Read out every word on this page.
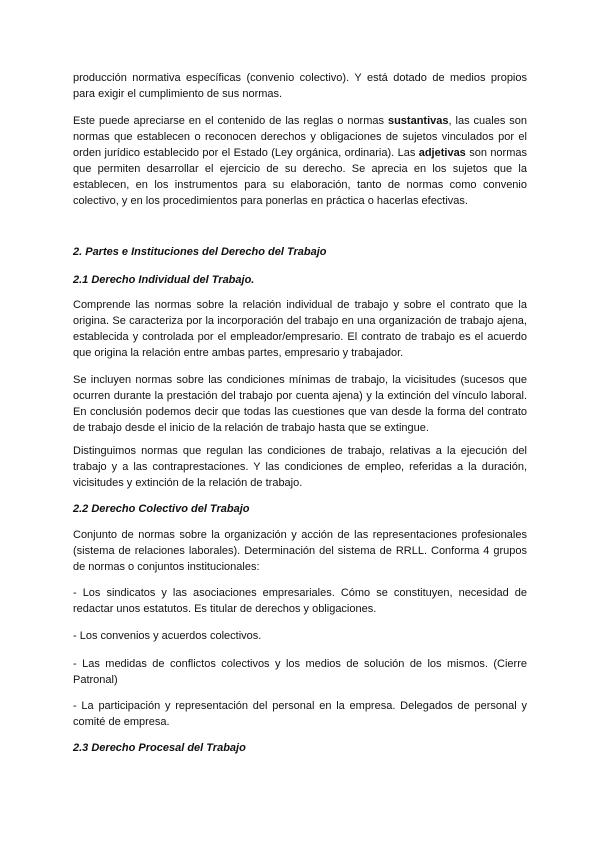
producción normativa específicas (convenio colectivo). Y está dotado de medios propios para exigir el cumplimiento de sus normas.

Este puede apreciarse en el contenido de las reglas o normas sustantivas, las cuales son normas que establecen o reconocen derechos y obligaciones de sujetos vinculados por el orden jurídico establecido por el Estado (Ley orgánica, ordinaria). Las adjetivas son normas que permiten desarrollar el ejercicio de su derecho. Se aprecia en los sujetos que la establecen, en los instrumentos para su elaboración, tanto de normas como convenio colectivo, y en los procedimientos para ponerlas en práctica o hacerlas efectivas.

2. Partes e Instituciones del Derecho del Trabajo

2.1 Derecho Individual del Trabajo.

Comprende las normas sobre la relación individual de trabajo y sobre el contrato que la origina. Se caracteriza por la incorporación del trabajo en una organización de trabajo ajena, establecida y controlada por el empleador/empresario. El contrato de trabajo es el acuerdo que origina la relación entre ambas partes, empresario y trabajador.

Se incluyen normas sobre las condiciones mínimas de trabajo, la vicisitudes (sucesos que ocurren durante la prestación del trabajo por cuenta ajena) y la extinción del vínculo laboral. En conclusión podemos decir que todas las cuestiones que van desde la forma del contrato de trabajo desde el inicio de la relación de trabajo hasta que se extingue.

Distinguimos normas que regulan las condiciones de trabajo, relativas a la ejecución del trabajo y a las contraprestaciones. Y las condiciones de empleo, referidas a la duración, vicisitudes y extinción de la relación de trabajo.

2.2 Derecho Colectivo del Trabajo

Conjunto de normas sobre la organización y acción de las representaciones profesionales (sistema de relaciones laborales). Determinación del sistema de RRLL. Conforma 4 grupos de normas o conjuntos institucionales:

- Los sindicatos y las asociaciones empresariales. Cómo se constituyen, necesidad de redactar unos estatutos. Es titular de derechos y obligaciones.

- Los convenios y acuerdos colectivos.

- Las medidas de conflictos colectivos y los medios de solución de los mismos. (Cierre Patronal)

- La participación y representación del personal en la empresa. Delegados de personal y comité de empresa.

2.3 Derecho Procesal del Trabajo
